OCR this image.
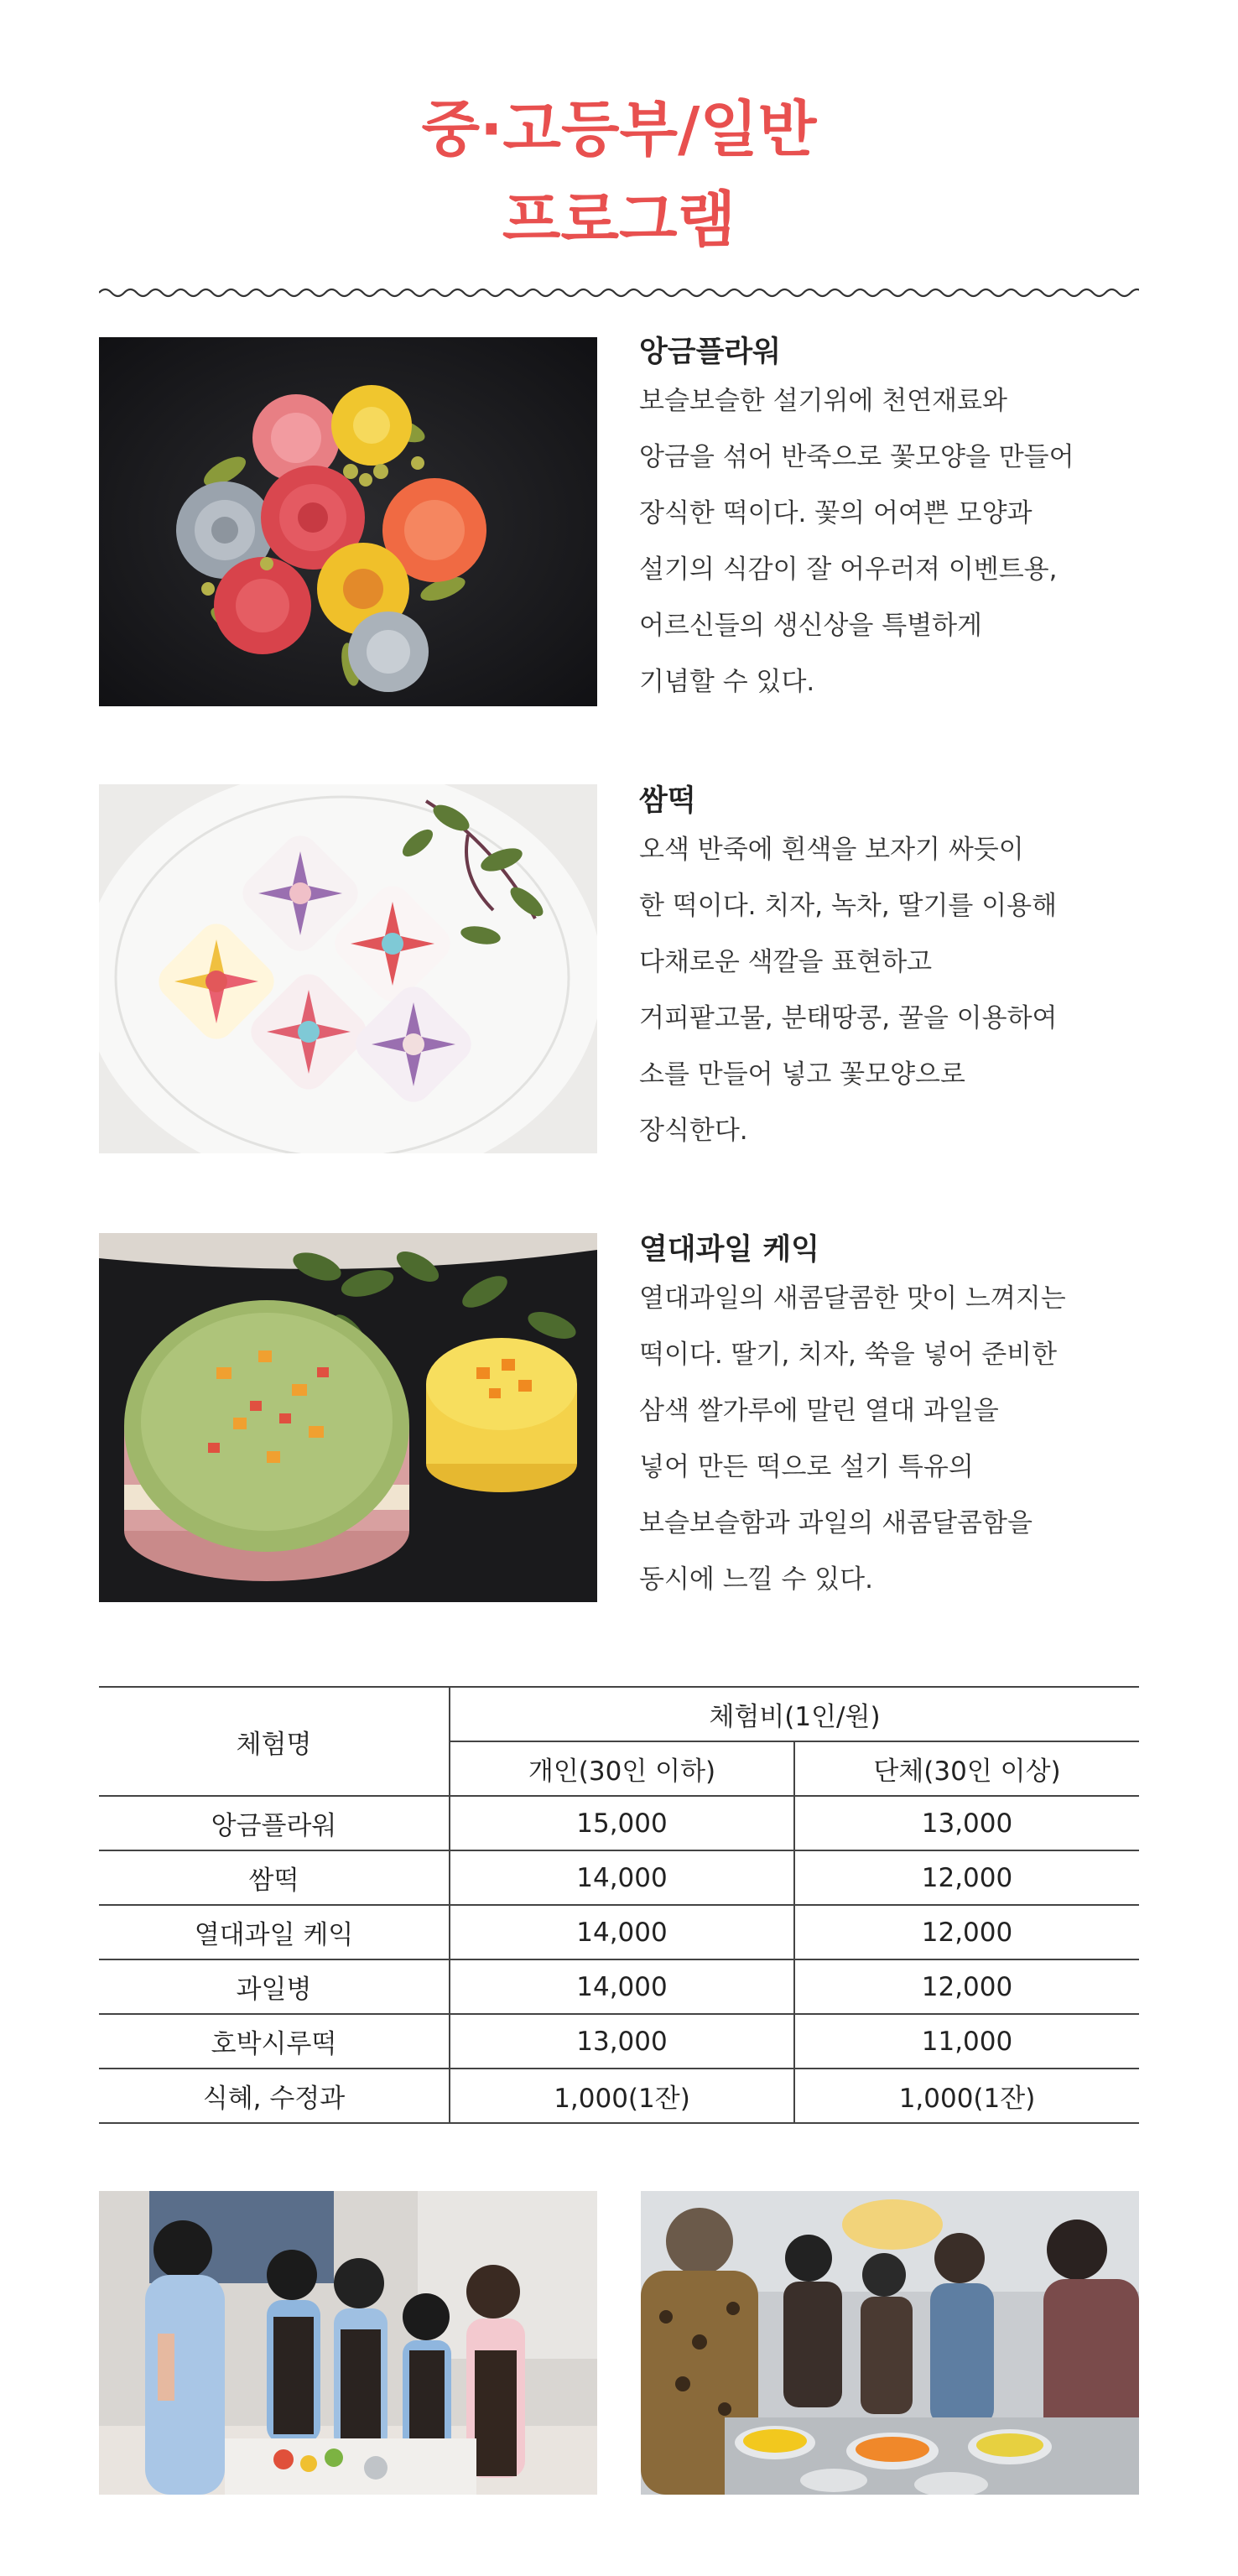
중·고등부/일반
프로그램
앙금플라워
보슬보슬한 설기위에 천연재료와
앙금을 섞어 반죽으로 꽃모양을 만들어
장식한 떡이다. 꽃의 어여쁜 모양과
설기의 식감이 잘 어우러져 이벤트용,
어르신들의 생신상을 특별하게
기념할 수 있다.
쌈떡
오색 반죽에 흰색을 보자기 싸듯이
한 떡이다. 치자, 녹차, 딸기를 이용해
다채로운 색깔을 표현하고
거피팥고물, 분태땅콩, 꿀을 이용하여
소를 만들어 넣고 꽃모양으로
장식한다.
열대과일 케익
열대과일의 새콤달콤한 맛이 느껴지는
떡이다. 딸기, 치자, 쑥을 넣어 준비한
삼색 쌀가루에 말린 열대 과일을
넣어 만든 떡으로 설기 특유의
보슬보슬함과 과일의 새콤달콤함을
동시에 느낄 수 있다.
체험명	체험비(1인/원)	
	개인(30인 이하)	단체(30인 이상)
앙금플라워	15,000	13,000
쌈떡	14,000	12,000
열대과일 케익	14,000	12,000
과일병	14,000	12,000
호박시루떡	13,000	11,000
식혜, 수정과	1,000(1잔)	1,000(1잔)
